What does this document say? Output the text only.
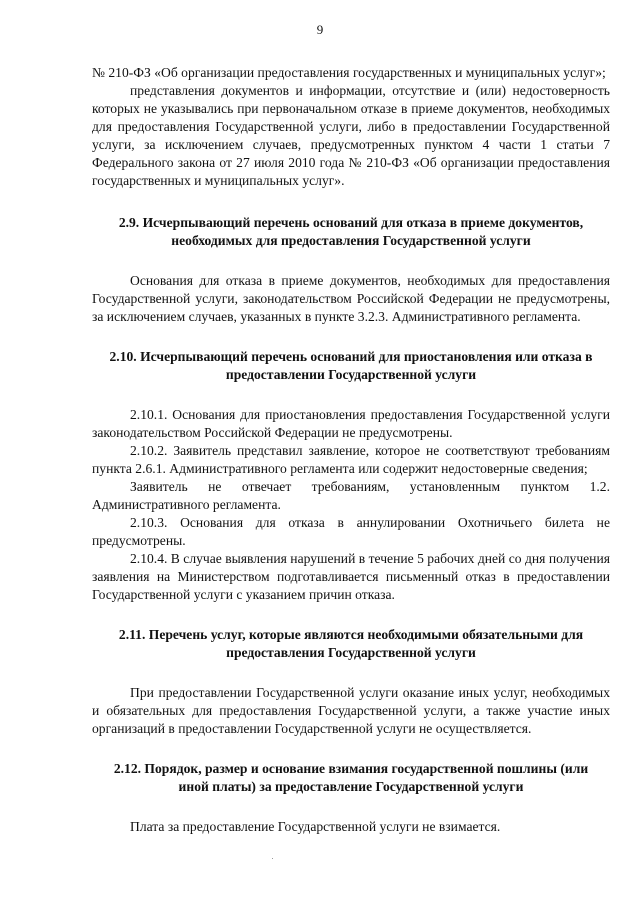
9

№ 210-ФЗ «Об организации предоставления государственных и муниципальных услуг»;

представления документов и информации, отсутствие и (или) недостоверность которых не указывались при первоначальном отказе в приеме документов, необходимых для предоставления Государственной услуги, либо в предоставлении Государственной услуги, за исключением случаев, предусмотренных пунктом 4 части 1 статьи 7 Федерального закона от 27 июля 2010 года № 210-ФЗ «Об организации предоставления государственных и муниципальных услуг».

2.9. Исчерпывающий перечень оснований для отказа в приеме документов, необходимых для предоставления Государственной услуги

Основания для отказа в приеме документов, необходимых для предоставления Государственной услуги, законодательством Российской Федерации не предусмотрены, за исключением случаев, указанных в пункте 3.2.3. Административного регламента.

2.10. Исчерпывающий перечень оснований для приостановления или отказа в предоставлении Государственной услуги

2.10.1. Основания для приостановления предоставления Государственной услуги законодательством Российской Федерации не предусмотрены.

2.10.2. Заявитель представил заявление, которое не соответствуют требованиям пункта 2.6.1. Административного регламента или содержит недостоверные сведения;

Заявитель не отвечает требованиям, установленным пунктом 1.2. Административного регламента.

2.10.3. Основания для отказа в аннулировании Охотничьего билета не предусмотрены.

2.10.4. В случае выявления нарушений в течение 5 рабочих дней со дня получения заявления на Министерством подготавливается письменный отказ в предоставлении Государственной услуги с указанием причин отказа.

2.11. Перечень услуг, которые являются необходимыми обязательными для предоставления Государственной услуги

При предоставлении Государственной услуги оказание иных услуг, необходимых и обязательных для предоставления Государственной услуги, а также участие иных организаций в предоставлении Государственной услуги не осуществляется.

2.12. Порядок, размер и основание взимания государственной пошлины (или иной платы) за предоставление Государственной услуги

Плата за предоставление Государственной услуги не взимается.
